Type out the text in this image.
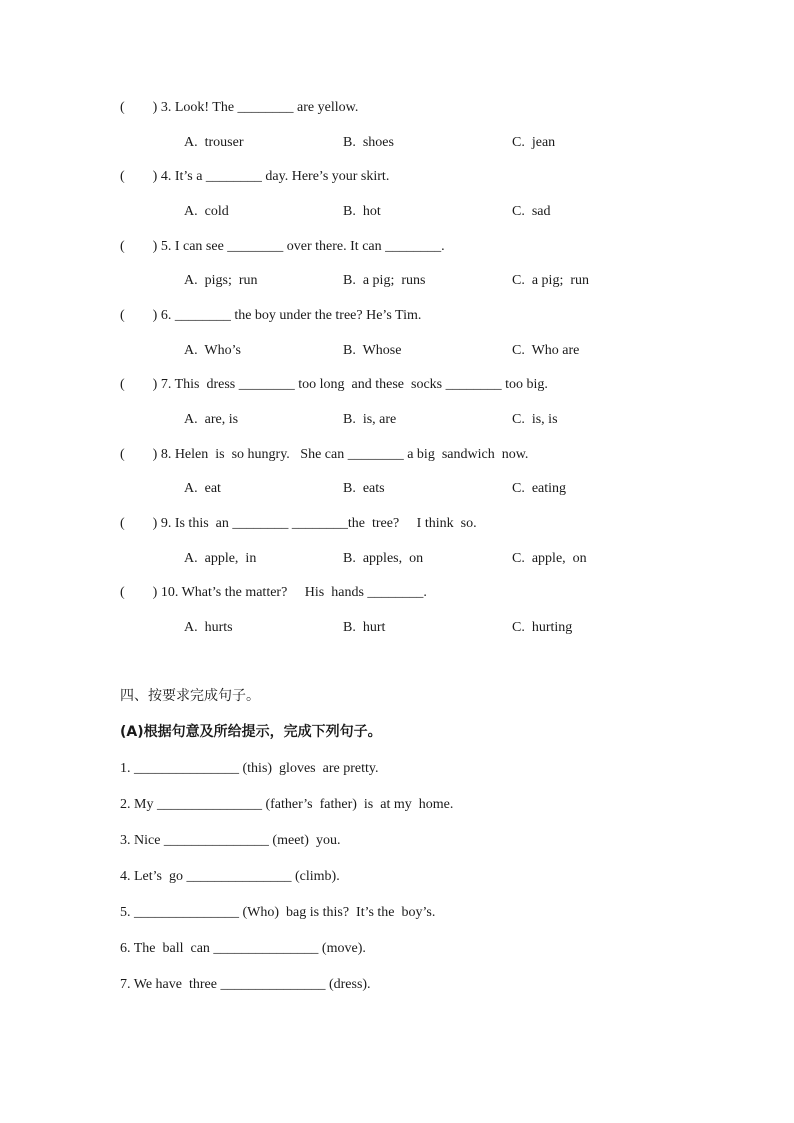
(        ) 3. Look! The ________ are yellow.
A.  trouser	B.  shoes	C.  jean
(        ) 4. It’s a ________ day. Here’s your skirt.
A.  cold	B.  hot	C.  sad
(        ) 5. I can see ________ over there. It can ________.
A.  pigs;  run	B.  a pig;  runs	C.  a pig;  run
(        ) 6. ________ the boy under the tree? He’s Tim.
A.  Who’s	B.  Whose	C.  Who are
(        ) 7. This  dress ________ too long  and these  socks ________ too big.
A.  are, is	B.  is, are	C.  is, is
(        ) 8. Helen  is  so hungry.   She can ________ a big  sandwich  now.
A.  eat	B.  eats	C.  eating
(        ) 9. Is this  an ________ ________the  tree?     I think  so.
A.  apple,  in	B.  apples,  on	C.  apple,  on
(        ) 10. What’s the matter?     His  hands ________.
A.  hurts	B.  hurt	C.  hurting
四、按要求完成句子。
(A)根据句意及所给提示，完成下列句子。
1. _______________ (this)  gloves  are pretty.
2. My _______________ (father’s  father)  is  at my  home.
3. Nice _______________ (meet)  you.
4. Let’s  go _______________ (climb).
5. _______________ (Who)  bag is this?  It’s the  boy’s.
6. The  ball  can _______________ (move).
7. We have  three _______________ (dress).
